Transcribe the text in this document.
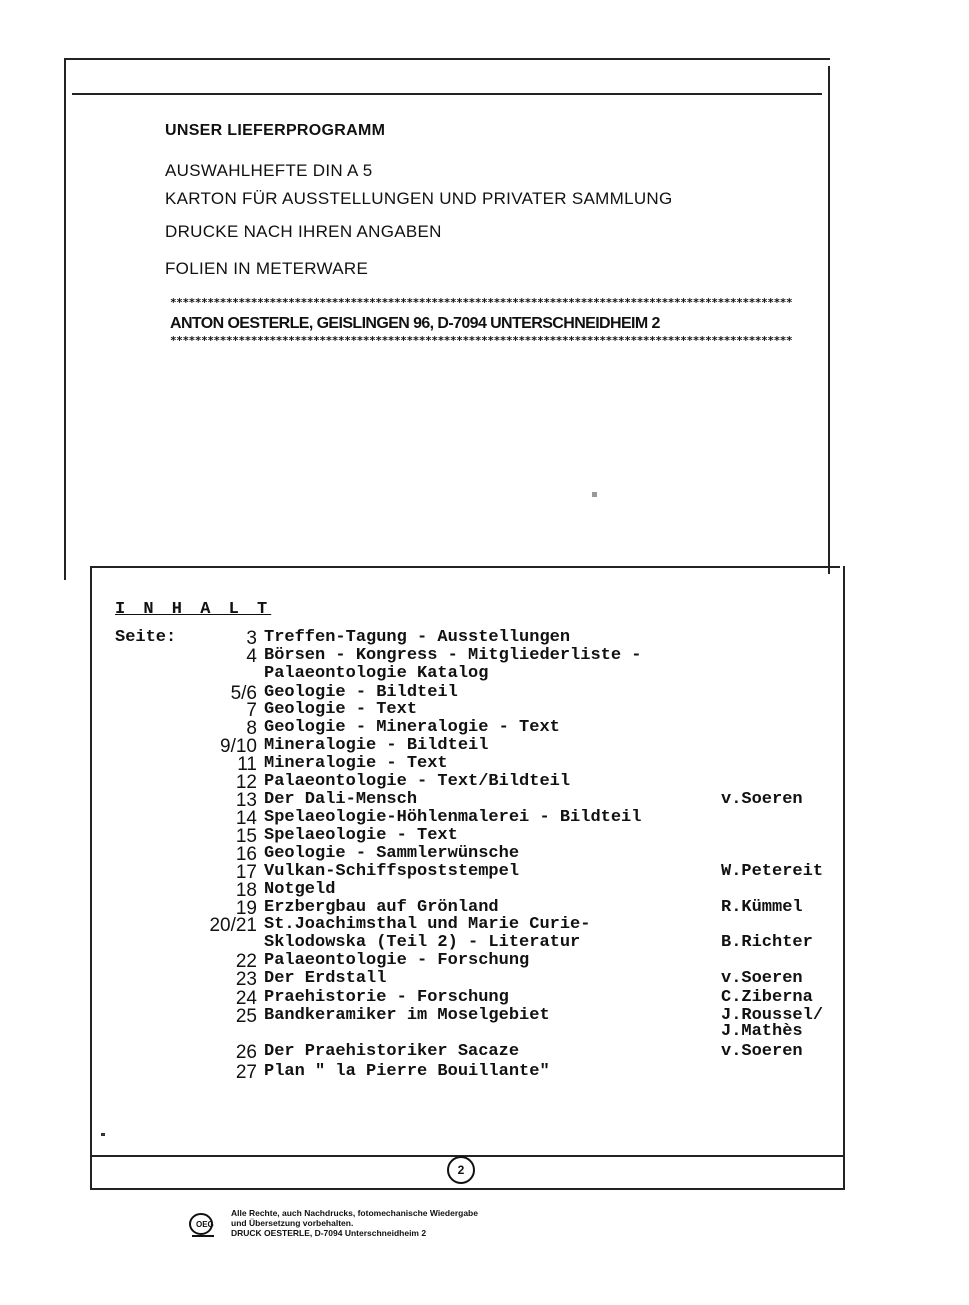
UNSER LIEFERPROGRAMM
AUSWAHLHEFTE DIN A 5
KARTON FÜR AUSSTELLUNGEN UND PRIVATER SAMMLUNG
DRUCKE NACH IHREN ANGABEN
FOLIEN IN METERWARE
****************************************************************************************************
ANTON OESTERLE, GEISLINGEN 96, D-7094 UNTERSCHNEIDHEIM 2
****************************************************************************************************
I N H A L T
Seite:	3 Treffen-Tagung - Ausstellungen
4 Börsen - Kongress - Mitgliederliste -
Palaeontologie Katalog
5/6 Geologie - Bildteil
7 Geologie - Text
8 Geologie - Mineralogie - Text
9/10 Mineralogie - Bildteil
11 Mineralogie - Text
12 Palaeontologie - Text/Bildteil
13 Der Dali-Mensch	v.Soeren
14 Spelaeologie-Höhlenmalerei - Bildteil
15 Spelaeologie - Text
16 Geologie - Sammlerwünsche
17 Vulkan-Schiffspoststempel	W.Petereit
18 Notgeld
19 Erzbergbau auf Grönland	R.Kümmel
20/21 St.Joachimsthal und Marie Curie-
Sklodowska (Teil 2) - Literatur	B.Richter
22 Palaeontologie - Forschung
23 Der Erdstall	v.Soeren
24 Praehistorie - Forschung	C.Ziberna
25 Bandkeramiker im Moselgebiet	J.Roussel/
J.Mathès
26 Der Praehistoriker Sacaze	v.Soeren
27 Plan " la Pierre Bouillante"
2
OEG
Alle Rechte, auch Nachdrucks, fotomechanische Wiedergabe
und Übersetzung vorbehalten.
DRUCK OESTERLE, D-7094 Unterschneidheim 2
